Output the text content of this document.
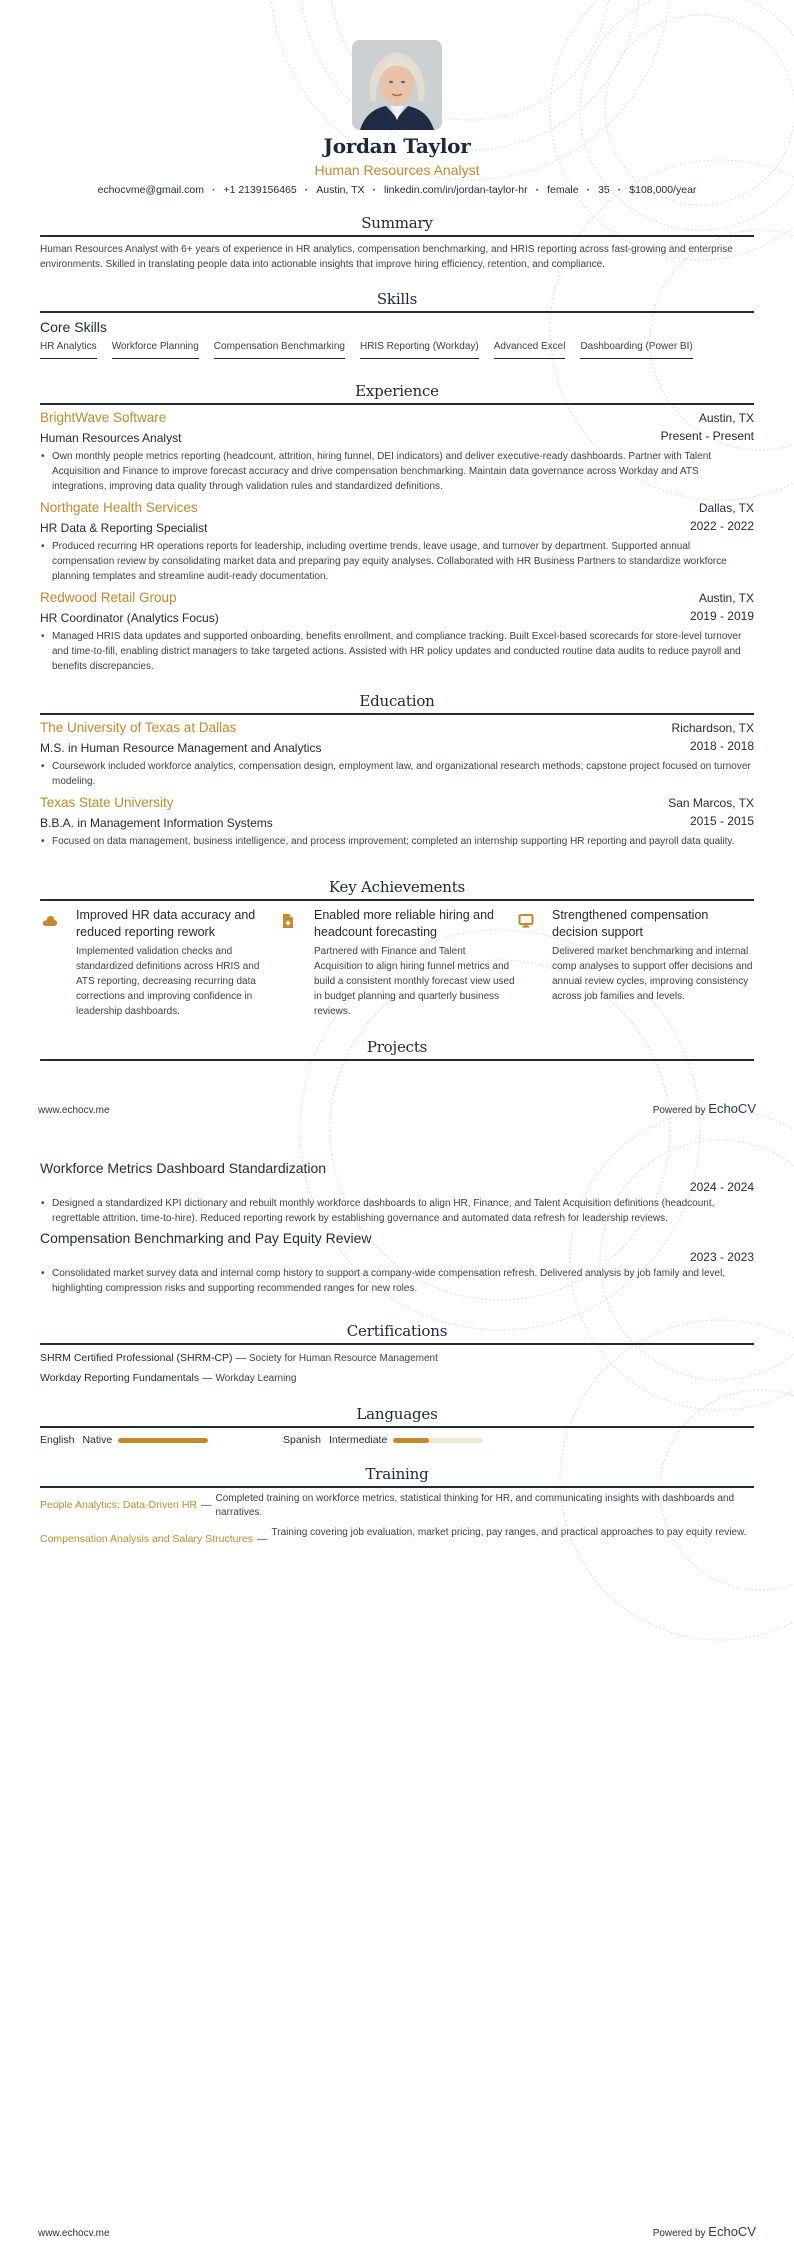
Jordan Taylor
Human Resources Analyst
echocvme@gmail.com · +1 2139156465 · Austin, TX · linkedin.com/in/jordan-taylor-hr · female · 35 · $108,000/year
Summary
Human Resources Analyst with 6+ years of experience in HR analytics, compensation benchmarking, and HRIS reporting across fast-growing and enterprise environments. Skilled in translating people data into actionable insights that improve hiring efficiency, retention, and compliance.
Skills
Core Skills
HR Analytics Workforce Planning Compensation Benchmarking HRIS Reporting (Workday) Advanced Excel Dashboarding (Power BI)
Experience
BrightWave Software	Austin, TX
Human Resources Analyst	Present - Present
• Own monthly people metrics reporting (headcount, attrition, hiring funnel, DEI indicators) and deliver executive-ready dashboards. Partner with Talent Acquisition and Finance to improve forecast accuracy and drive compensation benchmarking. Maintain data governance across Workday and ATS integrations, improving data quality through validation rules and standardized definitions.
Northgate Health Services	Dallas, TX
HR Data & Reporting Specialist	2022 - 2022
• Produced recurring HR operations reports for leadership, including overtime trends, leave usage, and turnover by department. Supported annual compensation review by consolidating market data and preparing pay equity analyses. Collaborated with HR Business Partners to standardize workforce planning templates and streamline audit-ready documentation.
Redwood Retail Group	Austin, TX
HR Coordinator (Analytics Focus)	2019 - 2019
• Managed HRIS data updates and supported onboarding, benefits enrollment, and compliance tracking. Built Excel-based scorecards for store-level turnover and time-to-fill, enabling district managers to take targeted actions. Assisted with HR policy updates and conducted routine data audits to reduce payroll and benefits discrepancies.
Education
The University of Texas at Dallas	Richardson, TX
M.S. in Human Resource Management and Analytics	2018 - 2018
• Coursework included workforce analytics, compensation design, employment law, and organizational research methods; capstone project focused on turnover modeling.
Texas State University	San Marcos, TX
B.B.A. in Management Information Systems	2015 - 2015
• Focused on data management, business intelligence, and process improvement; completed an internship supporting HR reporting and payroll data quality.
Key Achievements
Improved HR data accuracy and reduced reporting rework
Implemented validation checks and standardized definitions across HRIS and ATS reporting, decreasing recurring data corrections and improving confidence in leadership dashboards.
Enabled more reliable hiring and headcount forecasting
Partnered with Finance and Talent Acquisition to align hiring funnel metrics and build a consistent monthly forecast view used in budget planning and quarterly business reviews.
Strengthened compensation decision support
Delivered market benchmarking and internal comp analyses to support offer decisions and annual review cycles, improving consistency across job families and levels.
Projects
www.echocv.me	Powered by EchoCV
Workforce Metrics Dashboard Standardization
2024 - 2024
• Designed a standardized KPI dictionary and rebuilt monthly workforce dashboards to align HR, Finance, and Talent Acquisition definitions (headcount, regrettable attrition, time-to-hire). Reduced reporting rework by establishing governance and automated data refresh for leadership reviews.
Compensation Benchmarking and Pay Equity Review
2023 - 2023
• Consolidated market survey data and internal comp history to support a company-wide compensation refresh. Delivered analysis by job family and level, highlighting compression risks and supporting recommended ranges for new roles.
Certifications
SHRM Certified Professional (SHRM-CP) — Society for Human Resource Management
Workday Reporting Fundamentals — Workday Learning
Languages
English Native	Spanish Intermediate
Training
People Analytics: Data-Driven HR —
Completed training on workforce metrics, statistical thinking for HR, and communicating insights with dashboards and narratives.
Compensation Analysis and Salary Structures —
Training covering job evaluation, market pricing, pay ranges, and practical approaches to pay equity review.
www.echocv.me	Powered by EchoCV
